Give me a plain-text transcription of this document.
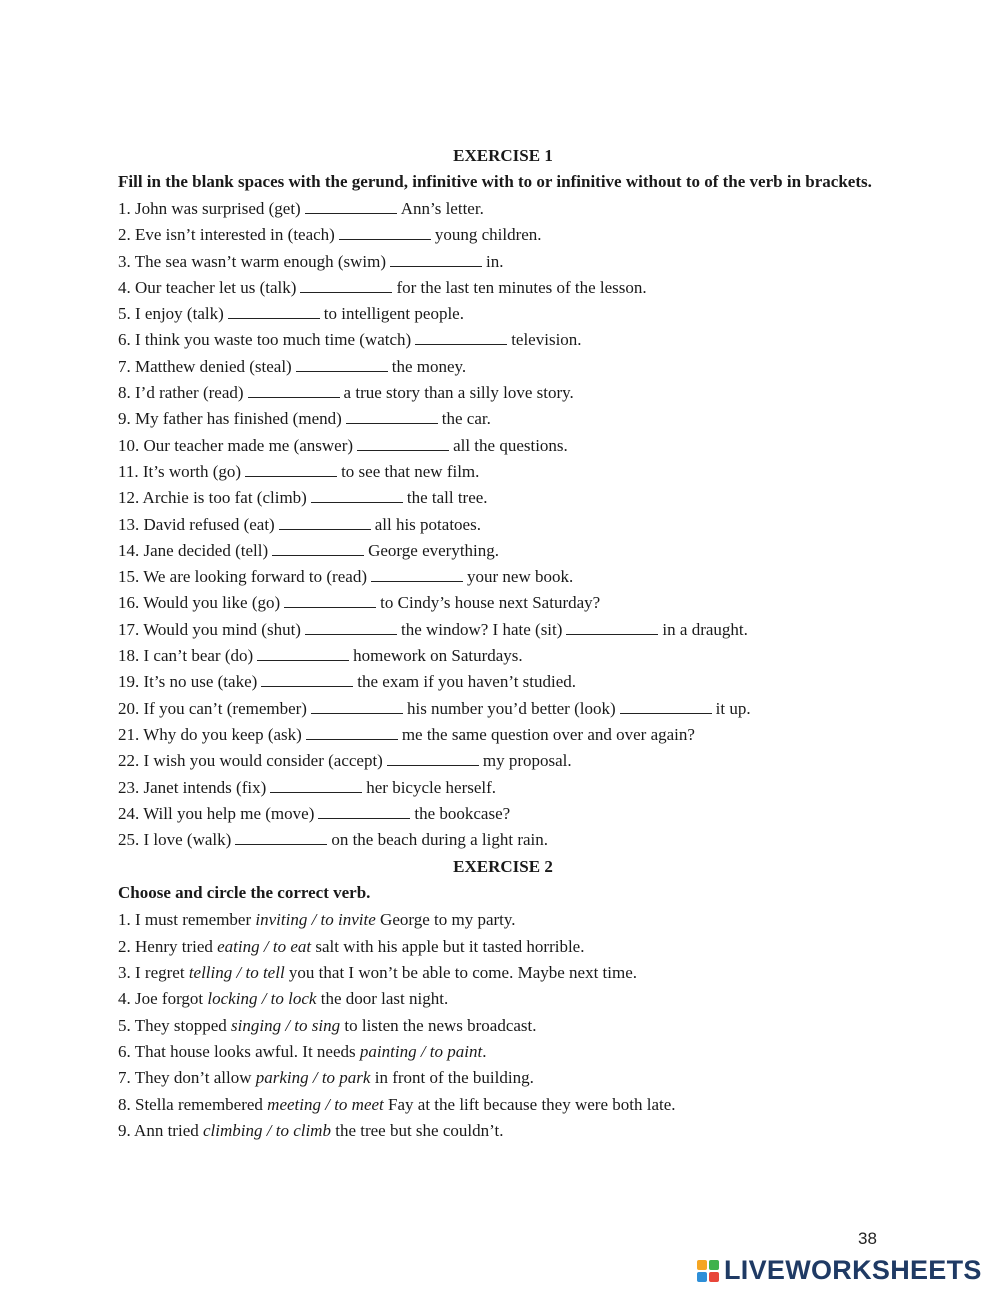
EXERCISE 1

Fill in the blank spaces with the gerund, infinitive with to or infinitive without to of the verb in brackets.

1. John was surprised (get)	Ann’s letter.
2. Eve isn’t interested in (teach)	young children.
3. The sea wasn’t warm enough (swim)	in.
4. Our teacher let us (talk)	for the last ten minutes of the lesson.
5. I enjoy (talk)	to intelligent people.
6. I think you waste too much time (watch)	television.
7. Matthew denied (steal)	the money.
8. I’d rather (read)	a true story than a silly love story.
9. My father has finished (mend)	the car.
10. Our teacher made me (answer)	all the questions.
11. It’s worth (go)	to see that new film.
12. Archie is too fat (climb)	the tall tree.
13. David refused (eat)	all his potatoes.
14. Jane decided (tell)	George everything.
15. We are looking forward to (read)	your new book.
16. Would you like (go)	to Cindy’s house next Saturday?
17. Would you mind (shut)	the window? I hate (sit)	in a draught.
18. I can’t bear (do)	homework on Saturdays.
19. It’s no use (take)	the exam if you haven’t studied.
20. If you can’t (remember)	his number you’d better (look)	it up.
21. Why do you keep (ask)	me the same question over and over again?
22. I wish you would consider (accept)	my proposal.
23. Janet intends (fix)	her bicycle herself.
24. Will you help me (move)	the bookcase?
25. I love (walk)	on the beach during a light rain.
EXERCISE 2

Choose and circle the correct verb.

1. I must remember inviting / to invite George to my party.
2. Henry tried eating / to eat salt with his apple but it tasted horrible.
3. I regret telling / to tell you that I won’t be able to come. Maybe next time.
4. Joe forgot locking / to lock the door last night.
5. They stopped singing / to sing to listen the news broadcast.
6. That house looks awful. It needs painting / to paint.
7. They don’t allow parking / to park in front of the building.
8. Stella remembered meeting / to meet Fay at the lift because they were both late.
9. Ann tried climbing / to climb the tree but she couldn’t.
38
LIVEWORKSHEETS
